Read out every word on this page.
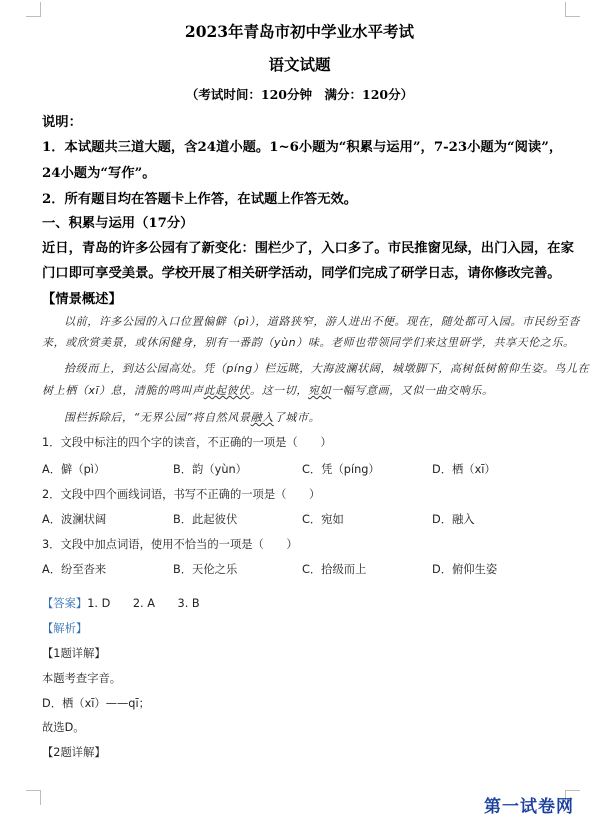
2023年青岛市初中学业水平考试
语文试题
（考试时间：120分钟　满分：120分）
说明：
1．本试题共三道大题，含24道小题。1~6小题为“积累与运用”，7-23小题为“阅读”，
24小题为“写作”。
2．所有题目均在答题卡上作答，在试题上作答无效。
一、积累与运用（17分）
近日，青岛的许多公园有了新变化：围栏少了，入口多了。市民推窗见绿，出门入园，在家
门口即可享受美景。学校开展了相关研学活动，同学们完成了研学日志，请你修改完善。
【情景概述】
以前，许多公园的入口位置偏僻（pì），道路狭窄，游人进出不便。现在，随处都可入园。市民纷至沓
来，或欣赏美景，或休闲健身，别有一番韵（yùn）味。老师也带领同学们来这里研学，共享天伦之乐。
拾级而上，到达公园高处。凭（píng）栏远眺，大海波澜状阔，城墩脚下，高树低树俯仰生姿。鸟儿在
树上栖（xī）息，清脆的鸣叫声此起彼伏。这一切，宛如一幅写意画，又似一曲交响乐。
围栏拆除后，“无界公园”将自然风景融入了城市。
1．文段中标注的四个字的读音，不正确的一项是（　　）
A．僻（pì）	B．韵（yùn）	C．凭（píng）	D．栖（xī）
2．文段中四个画线词语，书写不正确的一项是（　　）
A．波澜状阔	B．此起彼伏	C．宛如	D．融入
3．文段中加点词语，使用不恰当的一项是（　　）
A．纷至沓来	B．天伦之乐	C．拾级而上	D．俯仰生姿
【答案】1. D　　2. A　　3. B
【解析】
【1题详解】
本题考查字音。
D．栖（xī）——qī；
故选D。
【2题详解】
第一试卷网
